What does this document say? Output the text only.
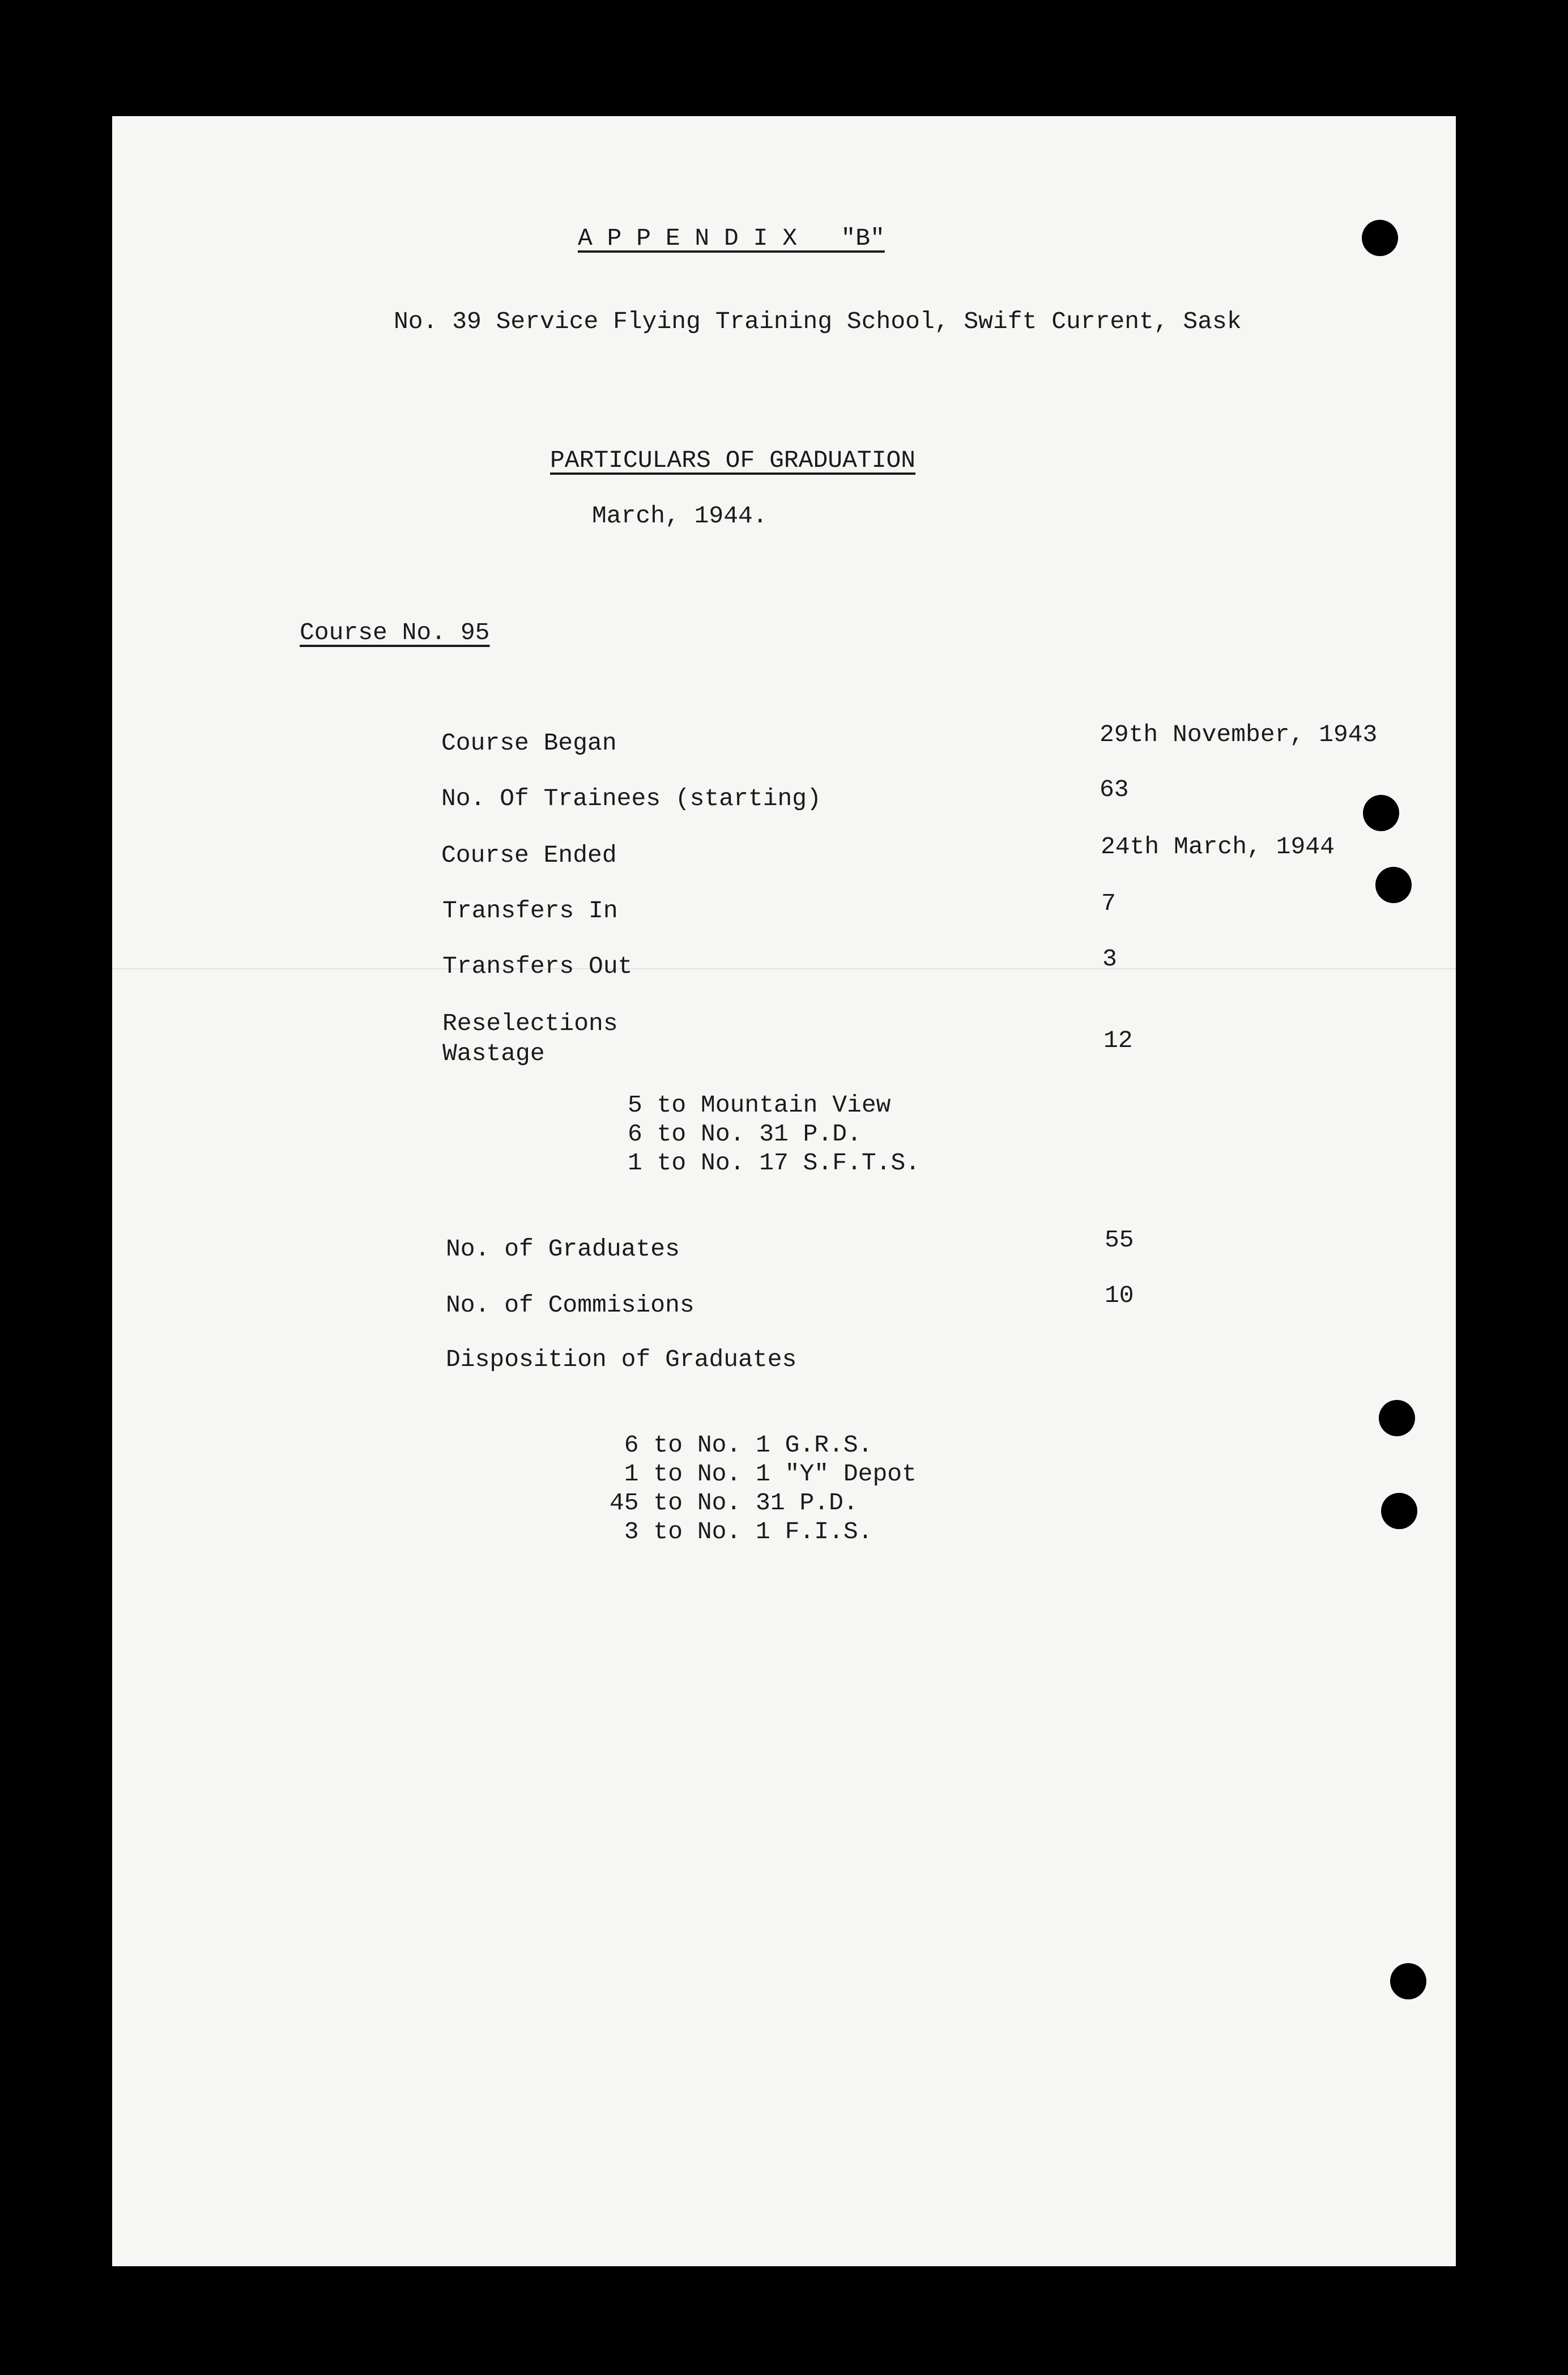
A P P E N D I X   "B"
No. 39 Service Flying Training School, Swift Current, Sask
PARTICULARS OF GRADUATION
March, 1944.
Course No. 95
Course Began	29th November, 1943
No. Of Trainees (starting)	63
Course Ended	24th March, 1944
Transfers In	7
Transfers Out	3
Reselections
Wastage	12
5 to Mountain View
6 to No. 31 P.D.
1 to No. 17 S.F.T.S.
No. of Graduates	55
No. of Commisions	10
Disposition of Graduates
6 to No. 1 G.R.S.
1 to No. 1 "Y" Depot
45 to No. 31 P.D.
3 to No. 1 F.I.S.
